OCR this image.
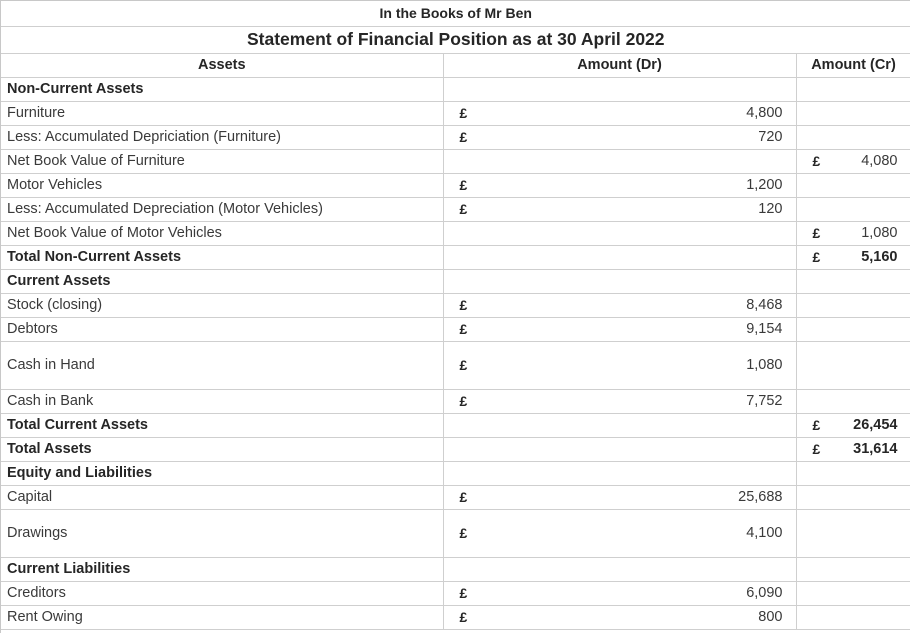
In the Books of Mr Ben		
Statement of Financial Position as at 30 April 2022		
Assets	Amount (Dr)	Amount (Cr)
Non-Current Assets		
Furniture	£ 4,800	

Less: Accumulated Depriciation (Furniture)	£ 720	

Net Book Value of Furniture		£ 4,080

Motor Vehicles	£ 1,200	

Less: Accumulated Depreciation (Motor Vehicles)	£ 120	

Net Book Value of Motor Vehicles		£ 1,080

Total Non-Current Assets		£ 5,160

Current Assets		
Stock (closing)	£ 8,468	

Debtors	£ 9,154	

Cash in Hand	£ 1,080	

Cash in Bank	£ 7,752	

Total Current Assets		£ 26,454

Total Assets		£ 31,614

Equity and Liabilities		
Capital	£ 25,688	

Drawings	£ 4,100	

Current Liabilities		
Creditors	£ 6,090	

Rent Owing	£ 800	
